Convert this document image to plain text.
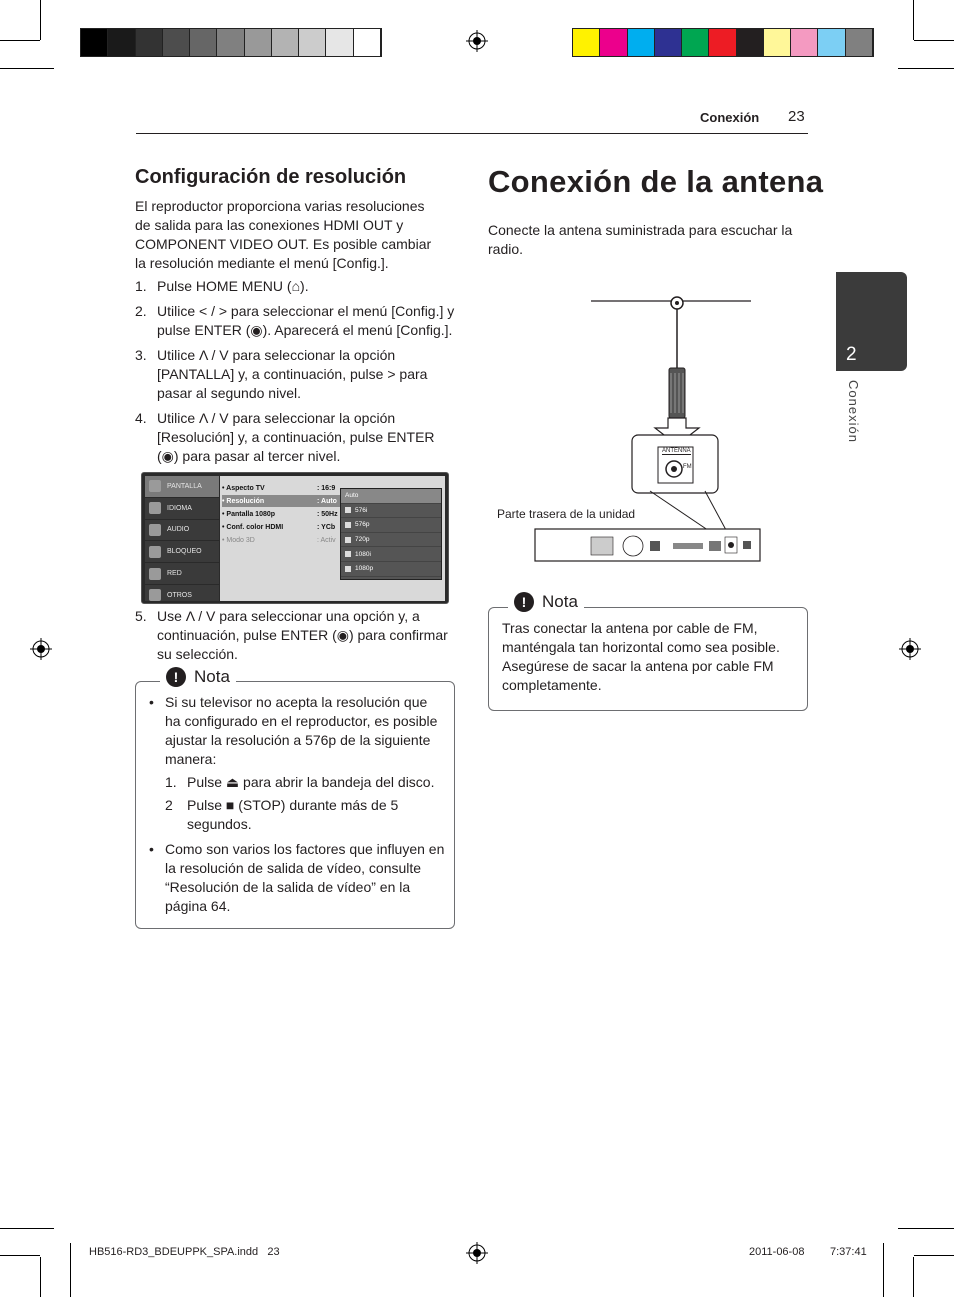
Conexión 23
2
Conexión
Configuración de resolución
El reproductor proporciona varias resoluciones de salida para las conexiones HDMI OUT y COMPONENT VIDEO OUT. Es posible cambiar la resolución mediante el menú [Config.].
1. Pulse HOME MENU (⌂).
2. Utilice < / > para seleccionar el menú [Config.] y pulse ENTER (◉). Aparecerá el menú [Config.].
3. Utilice Λ / V para seleccionar la opción [PANTALLA] y, a continuación, pulse > para pasar al segundo nivel.
4. Utilice Λ / V para seleccionar la opción [Resolución] y, a continuación, pulse ENTER (◉) para pasar al tercer nivel.
PANTALLA
IDIOMA
AUDIO
BLOQUEO
RED
OTROS
• Aspecto TV	: 16:9
• Resolución	: Auto
• Pantalla 1080p	: 50Hz
• Conf. color HDMI	: YCb
• Modo 3D	: Activ
Auto
576i
576p
720p
1080i
1080p
5. Use Λ / V para seleccionar una opción y, a continuación, pulse ENTER (◉) para confirmar su selección.
! Nota
• Si su televisor no acepta la resolución que ha configurado en el reproductor, es posible ajustar la resolución a 576p de la siguiente manera:
1. Pulse ⏏ para abrir la bandeja del disco.
2 Pulse ■ (STOP) durante más de 5 segundos.
• Como son varios los factores que influyen en la resolución de salida de vídeo, consulte “Resolución de la salida de vídeo” en la página 64.
Conexión de la antena
Conecte la antena suministrada para escuchar la radio.
ANTENNA
FM
Parte trasera de la unidad
! Nota
Tras conectar la antena por cable de FM, manténgala tan horizontal como sea posible. Asegúrese de sacar la antena por cable FM completamente.
HB516-RD3_BDEUPPK_SPA.indd   23	2011-06-08 7:37:41
